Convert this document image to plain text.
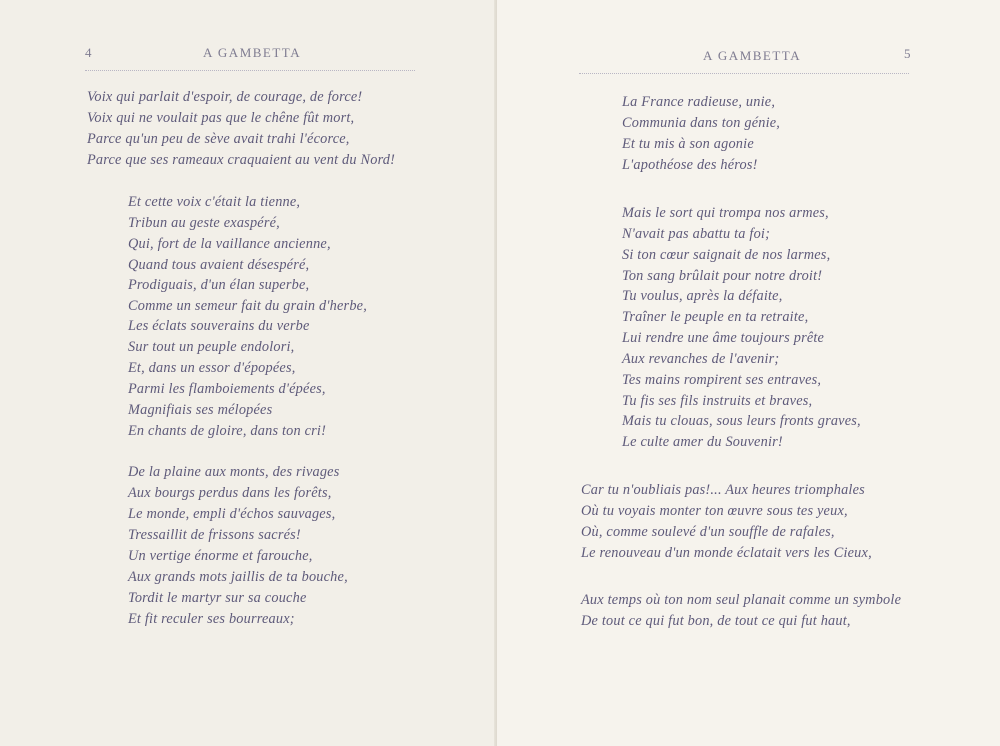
4	A GAMBETTA
Voix qui parlait d'espoir, de courage, de force!
Voix qui ne voulait pas que le chêne fût mort,
Parce qu'un peu de sève avait trahi l'écorce,
Parce que ses rameaux craquaient au vent du Nord!
Et cette voix c'était la tienne,
Tribun au geste exaspéré,
Qui, fort de la vaillance ancienne,
Quand tous avaient désespéré,
Prodiguais, d'un élan superbe,
Comme un semeur fait du grain d'herbe,
Les éclats souverains du verbe
Sur tout un peuple endolori,
Et, dans un essor d'épopées,
Parmi les flamboiements d'épées,
Magnifiais ses mélopées
En chants de gloire, dans ton cri!
De la plaine aux monts, des rivages
Aux bourgs perdus dans les forêts,
Le monde, empli d'échos sauvages,
Tressaillit de frissons sacrés!
Un vertige énorme et farouche,
Aux grands mots jaillis de ta bouche,
Tordit le martyr sur sa couche
Et fit reculer ses bourreaux;
A GAMBETTA	5
La France radieuse, unie,
Communia dans ton génie,
Et tu mis à son agonie
L'apothéose des héros!
Mais le sort qui trompa nos armes,
N'avait pas abattu ta foi;
Si ton cœur saignait de nos larmes,
Ton sang brûlait pour notre droit!
Tu voulus, après la défaite,
Traîner le peuple en ta retraite,
Lui rendre une âme toujours prête
Aux revanches de l'avenir;
Tes mains rompirent ses entraves,
Tu fis ses fils instruits et braves,
Mais tu clouas, sous leurs fronts graves,
Le culte amer du Souvenir!
Car tu n'oubliais pas!... Aux heures triomphales
Où tu voyais monter ton œuvre sous tes yeux,
Où, comme soulevé d'un souffle de rafales,
Le renouveau d'un monde éclatait vers les Cieux,
Aux temps où ton nom seul planait comme un symbole
De tout ce qui fut bon, de tout ce qui fut haut,
